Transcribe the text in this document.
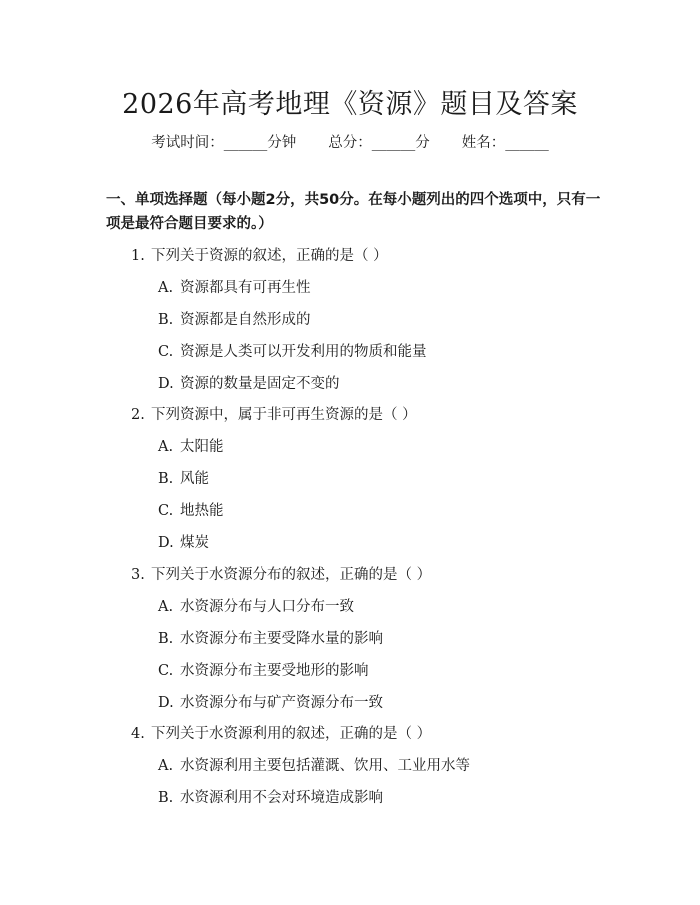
2026年高考地理《资源》题目及答案
考试时间：______分钟 总分：______分 姓名：______
一、单项选择题（每小题2分，共50分。在每小题列出的四个选项中，只有一项是最符合题目要求的。）
1. 下列关于资源的叙述，正确的是（ ）
A. 资源都具有可再生性
B. 资源都是自然形成的
C. 资源是人类可以开发利用的物质和能量
D. 资源的数量是固定不变的
2. 下列资源中，属于非可再生资源的是（ ）
A. 太阳能
B. 风能
C. 地热能
D. 煤炭
3. 下列关于水资源分布的叙述，正确的是（ ）
A. 水资源分布与人口分布一致
B. 水资源分布主要受降水量的影响
C. 水资源分布主要受地形的影响
D. 水资源分布与矿产资源分布一致
4. 下列关于水资源利用的叙述，正确的是（ ）
A. 水资源利用主要包括灌溉、饮用、工业用水等
B. 水资源利用不会对环境造成影响
